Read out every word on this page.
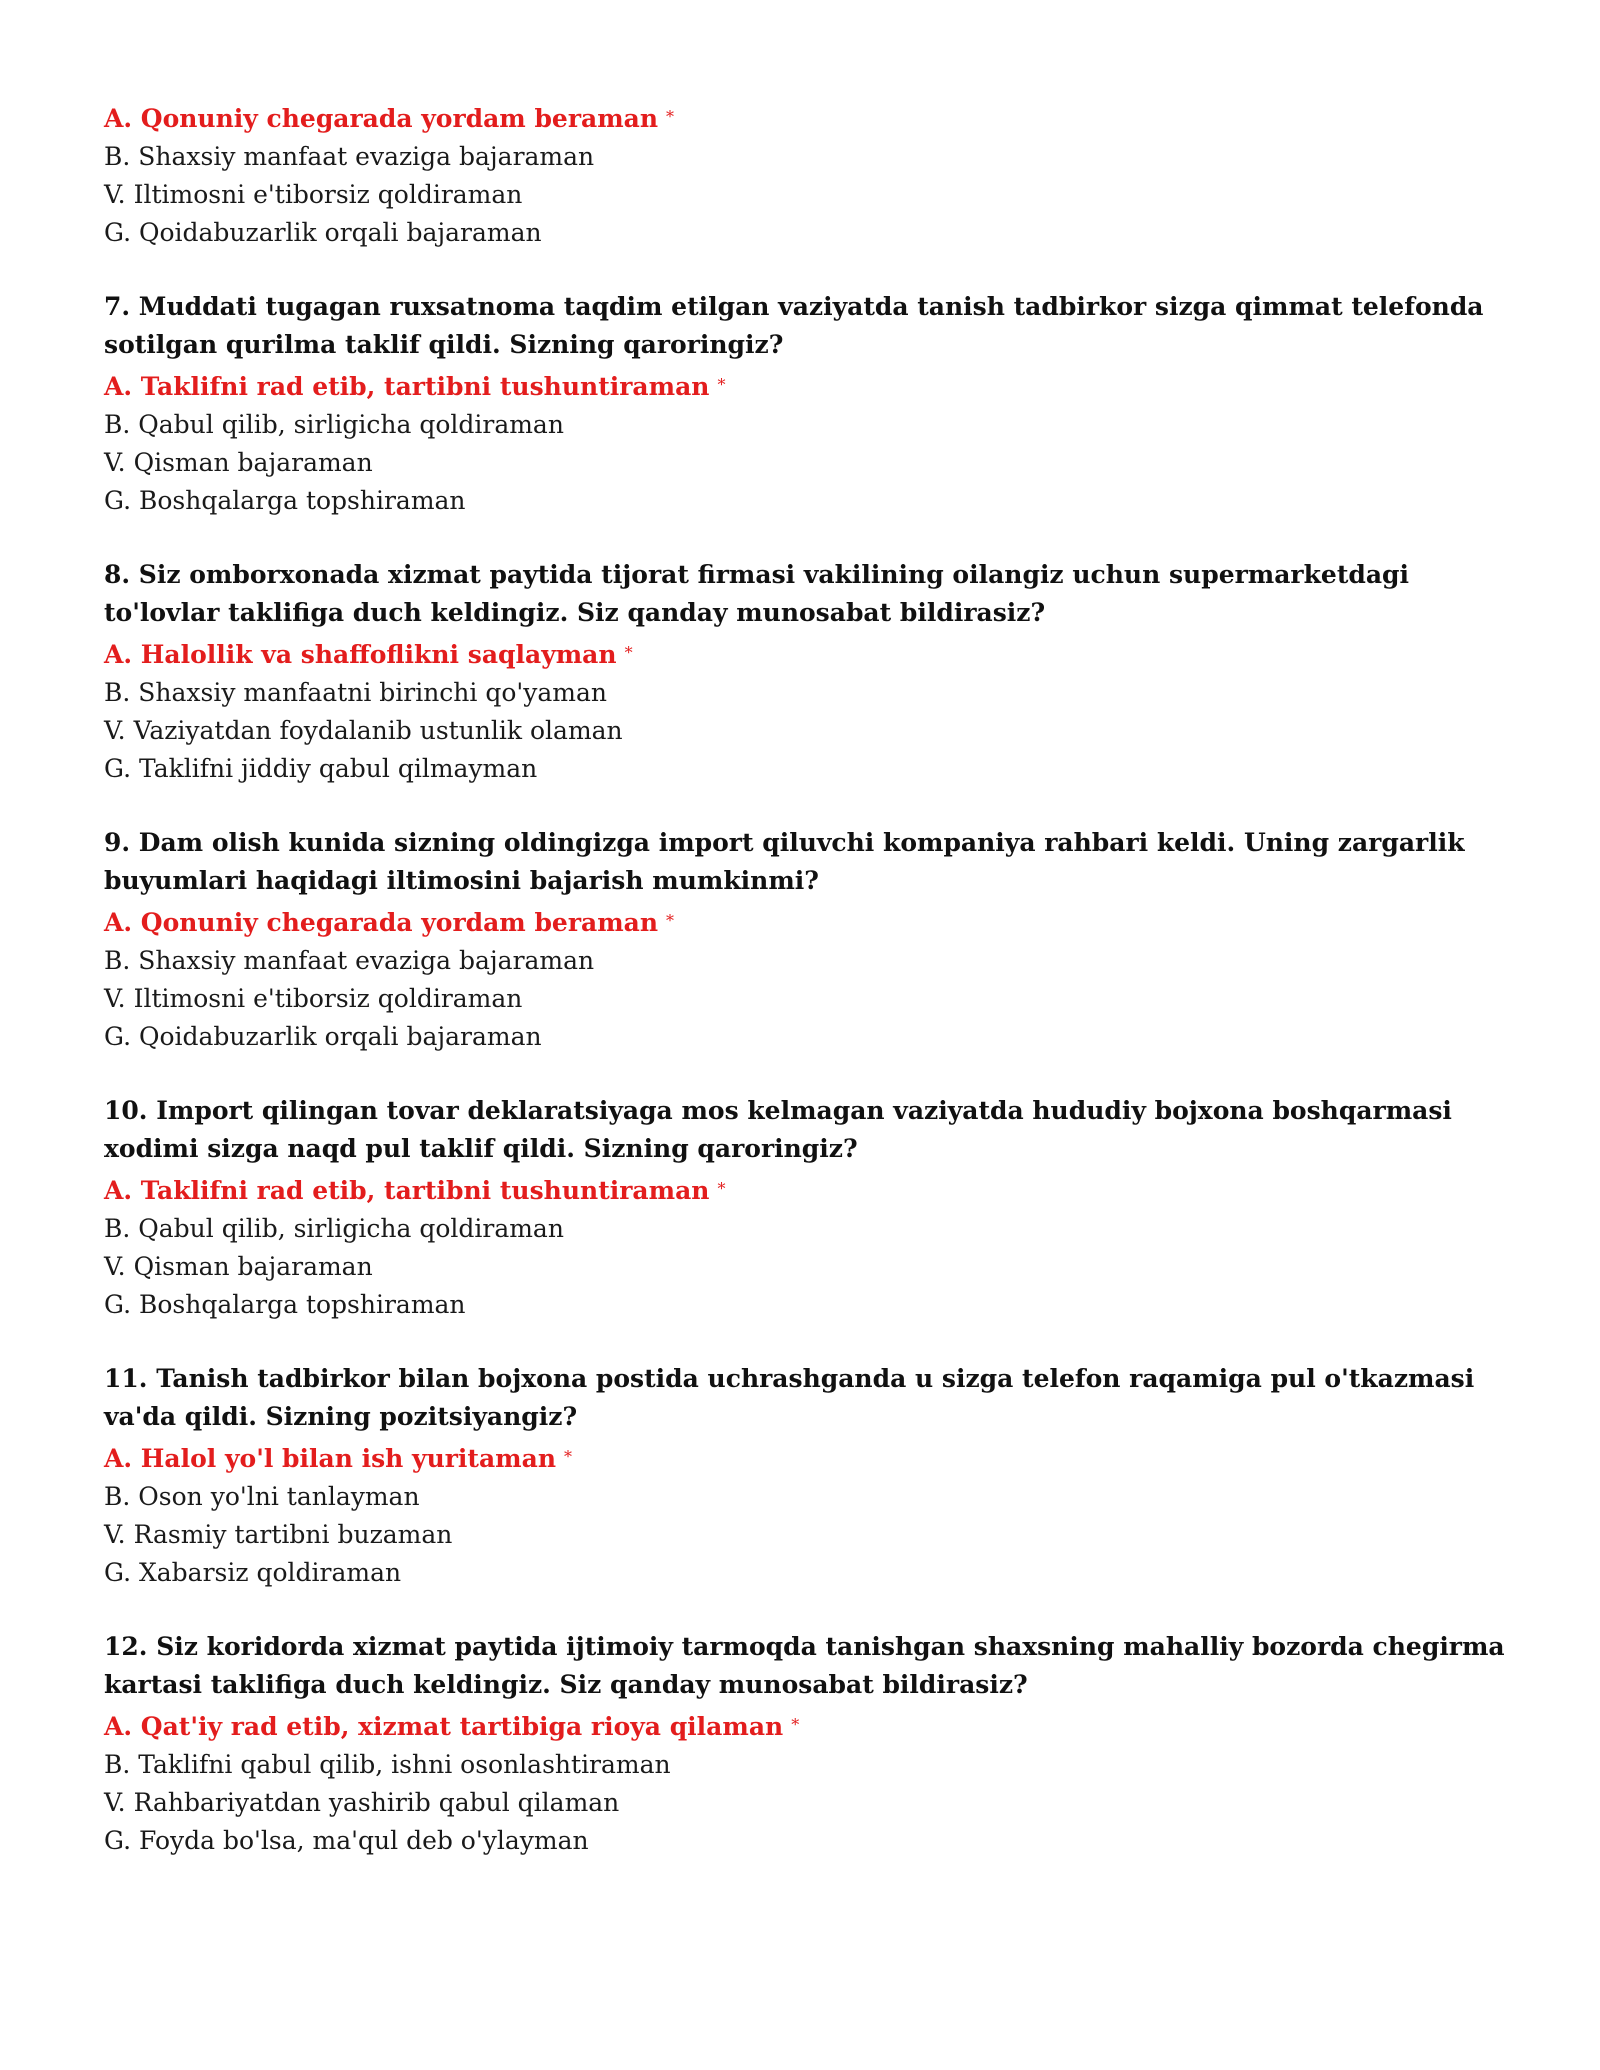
A. Qonuniy chegarada yordam beraman *

B. Shaxsiy manfaat evaziga bajaraman

V. Iltimosni e'tiborsiz qoldiraman

G. Qoidabuzarlik orqali bajaraman

7. Muddati tugagan ruxsatnoma taqdim etilgan vaziyatda tanish tadbirkor sizga qimmat telefonda sotilgan qurilma taklif qildi. Sizning qaroringiz?

A. Taklifni rad etib, tartibni tushuntiraman *

B. Qabul qilib, sirligicha qoldiraman

V. Qisman bajaraman

G. Boshqalarga topshiraman

8. Siz omborxonada xizmat paytida tijorat firmasi vakilining oilangiz uchun supermarketdagi to'lovlar taklifiga duch keldingiz. Siz qanday munosabat bildirasiz?

A. Halollik va shaffoflikni saqlayman *

B. Shaxsiy manfaatni birinchi qo'yaman

V. Vaziyatdan foydalanib ustunlik olaman

G. Taklifni jiddiy qabul qilmayman

9. Dam olish kunida sizning oldingizga import qiluvchi kompaniya rahbari keldi. Uning zargarlik buyumlari haqidagi iltimosini bajarish mumkinmi?

A. Qonuniy chegarada yordam beraman *

B. Shaxsiy manfaat evaziga bajaraman

V. Iltimosni e'tiborsiz qoldiraman

G. Qoidabuzarlik orqali bajaraman

10. Import qilingan tovar deklaratsiyaga mos kelmagan vaziyatda hududiy bojxona boshqarmasi xodimi sizga naqd pul taklif qildi. Sizning qaroringiz?

A. Taklifni rad etib, tartibni tushuntiraman *

B. Qabul qilib, sirligicha qoldiraman

V. Qisman bajaraman

G. Boshqalarga topshiraman

11. Tanish tadbirkor bilan bojxona postida uchrashganda u sizga telefon raqamiga pul o'tkazmasi va'da qildi. Sizning pozitsiyangiz?

A. Halol yo'l bilan ish yuritaman *

B. Oson yo'lni tanlayman

V. Rasmiy tartibni buzaman

G. Xabarsiz qoldiraman

12. Siz koridorda xizmat paytida ijtimoiy tarmoqda tanishgan shaxsning mahalliy bozorda chegirma kartasi taklifiga duch keldingiz. Siz qanday munosabat bildirasiz?

A. Qat'iy rad etib, xizmat tartibiga rioya qilaman *

B. Taklifni qabul qilib, ishni osonlashtiraman

V. Rahbariyatdan yashirib qabul qilaman

G. Foyda bo'lsa, ma'qul deb o'ylayman
